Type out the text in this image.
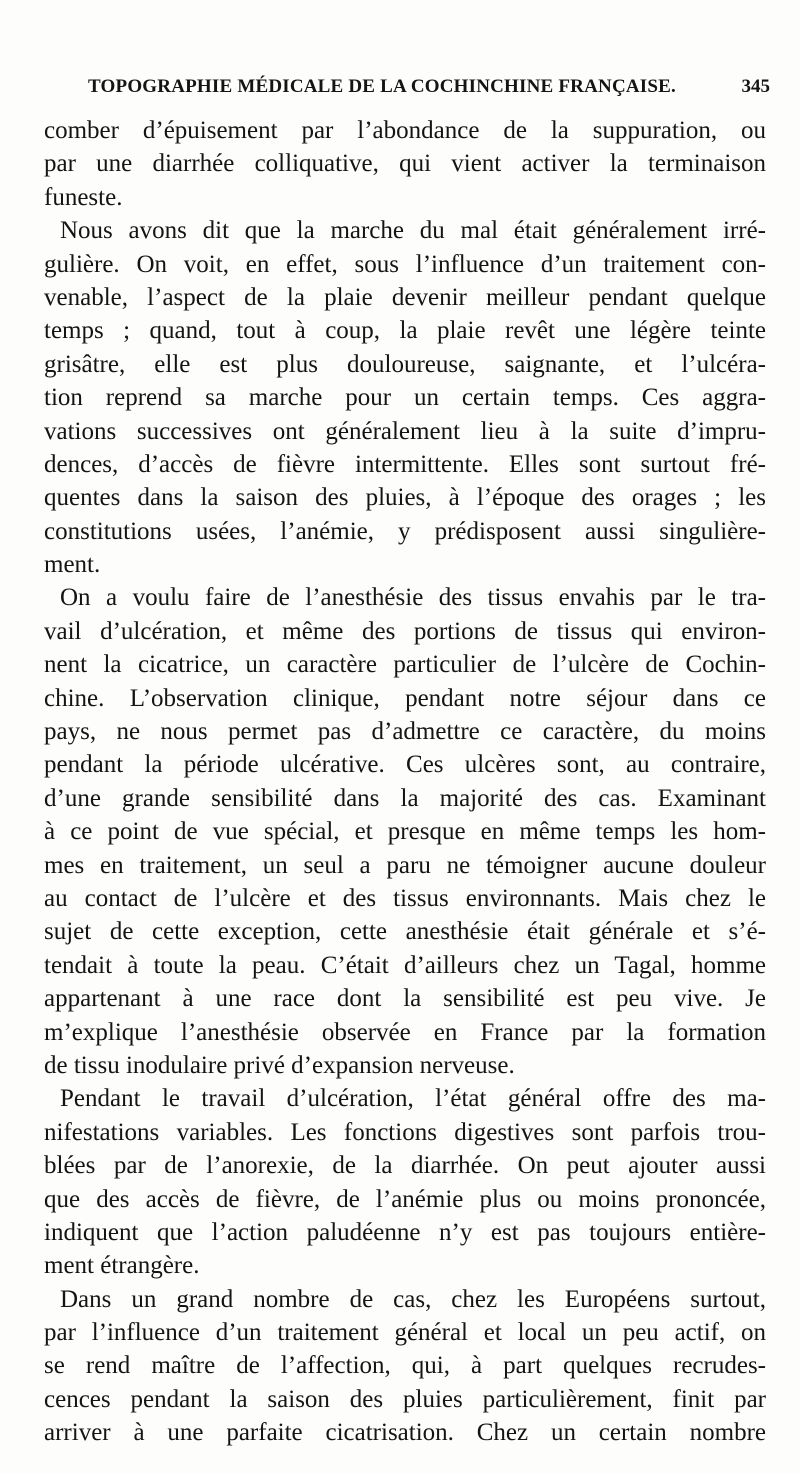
TOPOGRAPHIE MÉDICALE DE LA COCHINCHINE FRANÇAISE.	345
comber d’épuisement par l’abondance de la suppuration, ou
par une diarrhée colliquative, qui vient activer la terminaison
funeste.
Nous avons dit que la marche du mal était généralement irré-
gulière. On voit, en effet, sous l’influence d’un traitement con-
venable, l’aspect de la plaie devenir meilleur pendant quelque
temps ; quand, tout à coup, la plaie revêt une légère teinte
grisâtre, elle est plus douloureuse, saignante, et l’ulcéra-
tion reprend sa marche pour un certain temps. Ces aggra-
vations successives ont généralement lieu à la suite d’impru-
dences, d’accès de fièvre intermittente. Elles sont surtout fré-
quentes dans la saison des pluies, à l’époque des orages ; les
constitutions usées, l’anémie, y prédisposent aussi singulière-
ment.
On a voulu faire de l’anesthésie des tissus envahis par le tra-
vail d’ulcération, et même des portions de tissus qui environ-
nent la cicatrice, un caractère particulier de l’ulcère de Cochin-
chine. L’observation clinique, pendant notre séjour dans ce
pays, ne nous permet pas d’admettre ce caractère, du moins
pendant la période ulcérative. Ces ulcères sont, au contraire,
d’une grande sensibilité dans la majorité des cas. Examinant
à ce point de vue spécial, et presque en même temps les hom-
mes en traitement, un seul a paru ne témoigner aucune douleur
au contact de l’ulcère et des tissus environnants. Mais chez le
sujet de cette exception, cette anesthésie était générale et s’é-
tendait à toute la peau. C’était d’ailleurs chez un Tagal, homme
appartenant à une race dont la sensibilité est peu vive. Je
m’explique l’anesthésie observée en France par la formation
de tissu inodulaire privé d’expansion nerveuse.
Pendant le travail d’ulcération, l’état général offre des ma-
nifestations variables. Les fonctions digestives sont parfois trou-
blées par de l’anorexie, de la diarrhée. On peut ajouter aussi
que des accès de fièvre, de l’anémie plus ou moins prononcée,
indiquent que l’action paludéenne n’y est pas toujours entière-
ment étrangère.
Dans un grand nombre de cas, chez les Européens surtout,
par l’influence d’un traitement général et local un peu actif, on
se rend maître de l’affection, qui, à part quelques recrudes-
cences pendant la saison des pluies particulièrement, finit par
arriver à une parfaite cicatrisation. Chez un certain nombre
